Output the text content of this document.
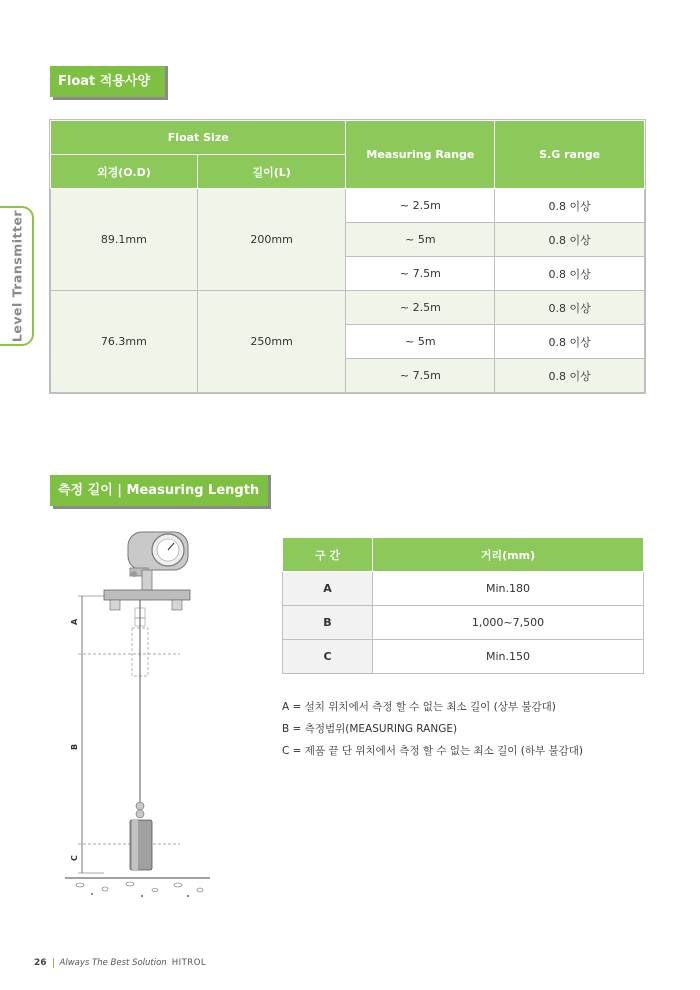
Level Transmitter
Float 적용사양
Float Size		Measuring Range	S.G range
외경(O.D)	길이(L)		
89.1mm	200mm	~ 2.5m	0.8 이상
		~ 5m	0.8 이상
		~ 7.5m	0.8 이상
76.3mm	250mm	~ 2.5m	0.8 이상
		~ 5m	0.8 이상
		~ 7.5m	0.8 이상
측정 길이 | Measuring Length
A
B
C
구 간	거리(mm)
A	Min.180
B	1,000~7,500
C	Min.150
A = 설치 위치에서 측정 할 수 없는 최소 길이 (상부 불감대)
B = 측정범위(MEASURING RANGE)
C = 제품 끝 단 위치에서 측정 할 수 없는 최소 길이 (하부 불감대)
26 Always The Best Solution HITROL
